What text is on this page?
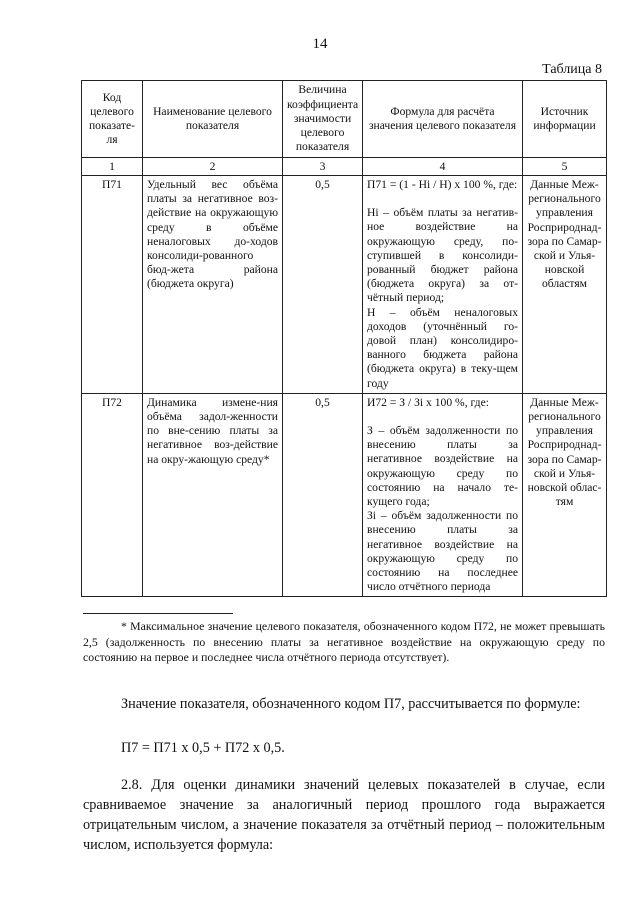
14
Таблица 8
Код целевого показате-ля	Наименование целевого показателя	Величина коэффициента значимости целевого показателя	Формула для расчёта значения целевого показателя	Источник информации
1	2	3	4	5
П71	Удельный вес объёма платы за негативное воз-действие на окружающую среду в объёме неналоговых до-ходов консолиди-рованного бюд-жета района (бюджета округа)	0,5	П71 = (1 - Нi / Н) x 100 %, где:
Нi – объём платы за негатив-ное воздействие на окружающую среду, по-ступившей в консолиди-рованный бюджет района (бюджета округа) за от-чётный период;
Н – объём неналоговых доходов (уточнённый го-довой план) консолидиро-ванного бюджета района (бюджета округа) в теку-щем году	Данные Меж-регионального управления Росприроднад-зора по Самар-ской и Улья-новской областям
П72	Динамика измене-ния объёма задол-женности по вне-сению платы за негативное воз-действие на окру-жающую среду*	0,5	И72 = З / Зi x 100 %, где:
З – объём задолженности по внесению платы за негативное воздействие на окружающую среду по состоянию на начало те-кущего года;
Зi – объём задолженности по внесению платы за негативное воздействие на окружающую среду по состоянию на последнее число отчётного периода	Данные Меж-регионального управления Росприроднад-зора по Самар-ской и Улья-новской облас-тям
* Максимальное значение целевого показателя, обозначенного кодом П72, не может превышать 2,5 (задолженность по внесению платы за негативное воздействие на окружающую среду по состоянию на первое и последнее числа отчётного периода отсутствует).
Значение показателя, обозначенного кодом П7, рассчитывается по формуле:
П7 = П71 x 0,5 + П72 x 0,5.
2.8. Для оценки динамики значений целевых показателей в случае, если сравниваемое значение за аналогичный период прошлого года выражается отрицательным числом, а значение показателя за отчётный период – положительным числом, используется формула:
